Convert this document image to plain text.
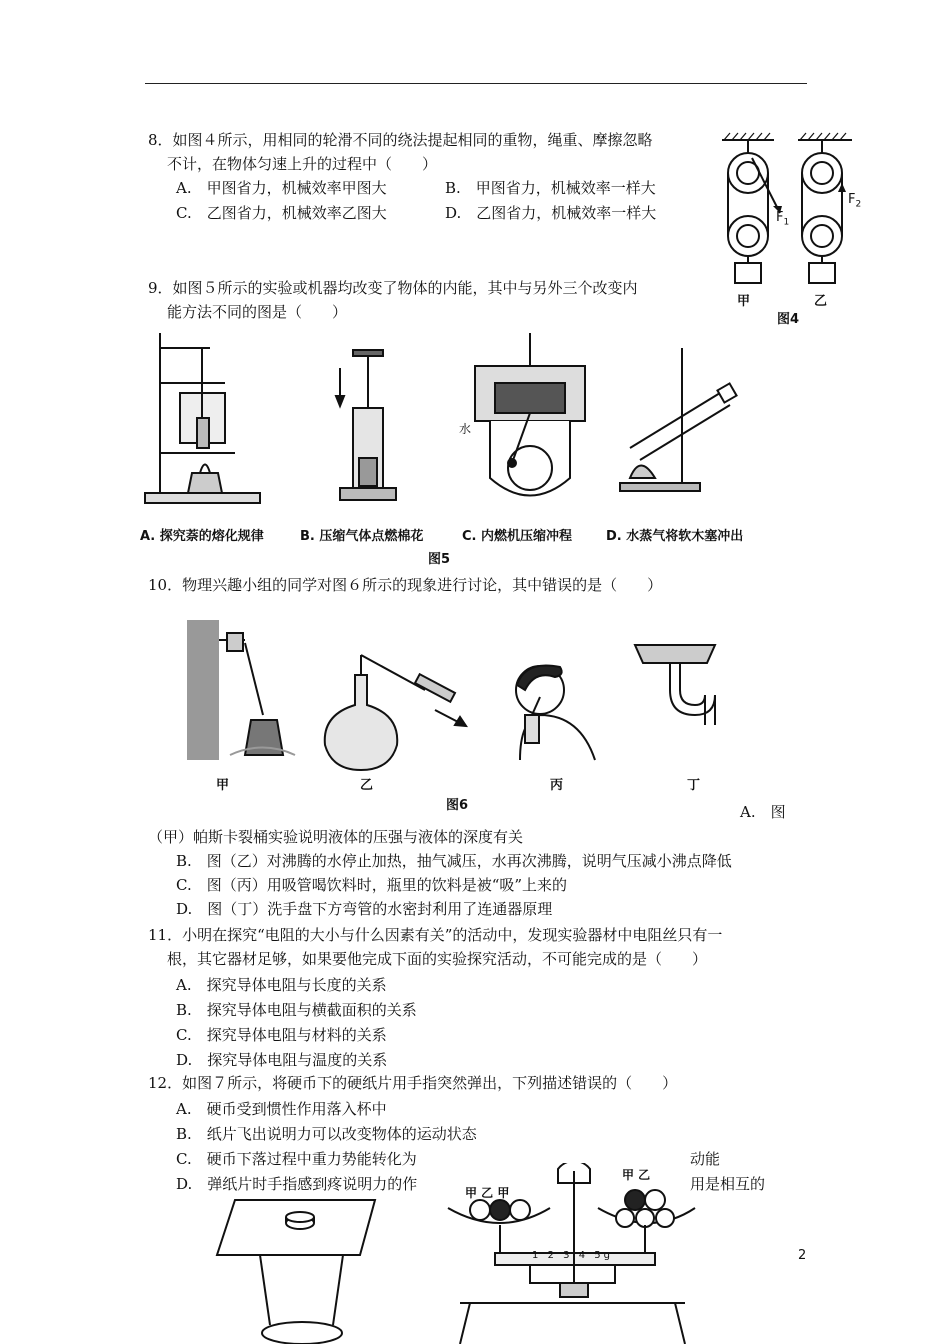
8．如图４所示，用相同的轮滑不同的绕法提起相同的重物，绳重、摩擦忽略
不计，在物体匀速上升的过程中（　　）
A.　甲图省力，机械效率甲图大	B.　甲图省力，机械效率一样大
C.　乙图省力，机械效率乙图大	D.　乙图省力，机械效率一样大	$F_1$
$F_2$
甲	乙
图4
9．如图５所示的实验或机器均改变了物体的内能，其中与另外三个改变内
能方法不同的图是（　　）
水
A. 探究萘的熔化规律	B. 压缩气体点燃棉花	C. 内燃机压缩冲程	D. 水蒸气将软木塞冲出
图5
10．物理兴趣小组的同学对图６所示的现象进行讨论，其中错误的是（　　）
甲	乙	丙	丁
图6	A.　图
（甲）帕斯卡裂桶实验说明液体的压强与液体的深度有关
B.　图（乙）对沸腾的水停止加热，抽气减压，水再次沸腾，说明气压减小沸点降低
C.　图（丙）用吸管喝饮料时，瓶里的饮料是被“吸”上来的
D.　图（丁）洗手盘下方弯管的水密封利用了连通器原理
11．小明在探究“电阻的大小与什么因素有关”的活动中，发现实验器材中电阻丝只有一
根，其它器材足够，如果要他完成下面的实验探究活动，不可能完成的是（　　）
A.　探究导体电阻与长度的关系
B.　探究导体电阻与横截面积的关系
C.　探究导体电阻与材料的关系
D.　探究导体电阻与温度的关系
12．如图７所示，将硬币下的硬纸片用手指突然弹出，下列描述错误的（　　）
A.　硬币受到惯性作用落入杯中
B.　纸片飞出说明力可以改变物体的运动状态
C.　硬币下落过程中重力势能转化为	动能
D.　弹纸片时手指感到疼说明力的作	用是相互的
甲 乙 甲
甲 乙
1 2 3 4 5g	2
